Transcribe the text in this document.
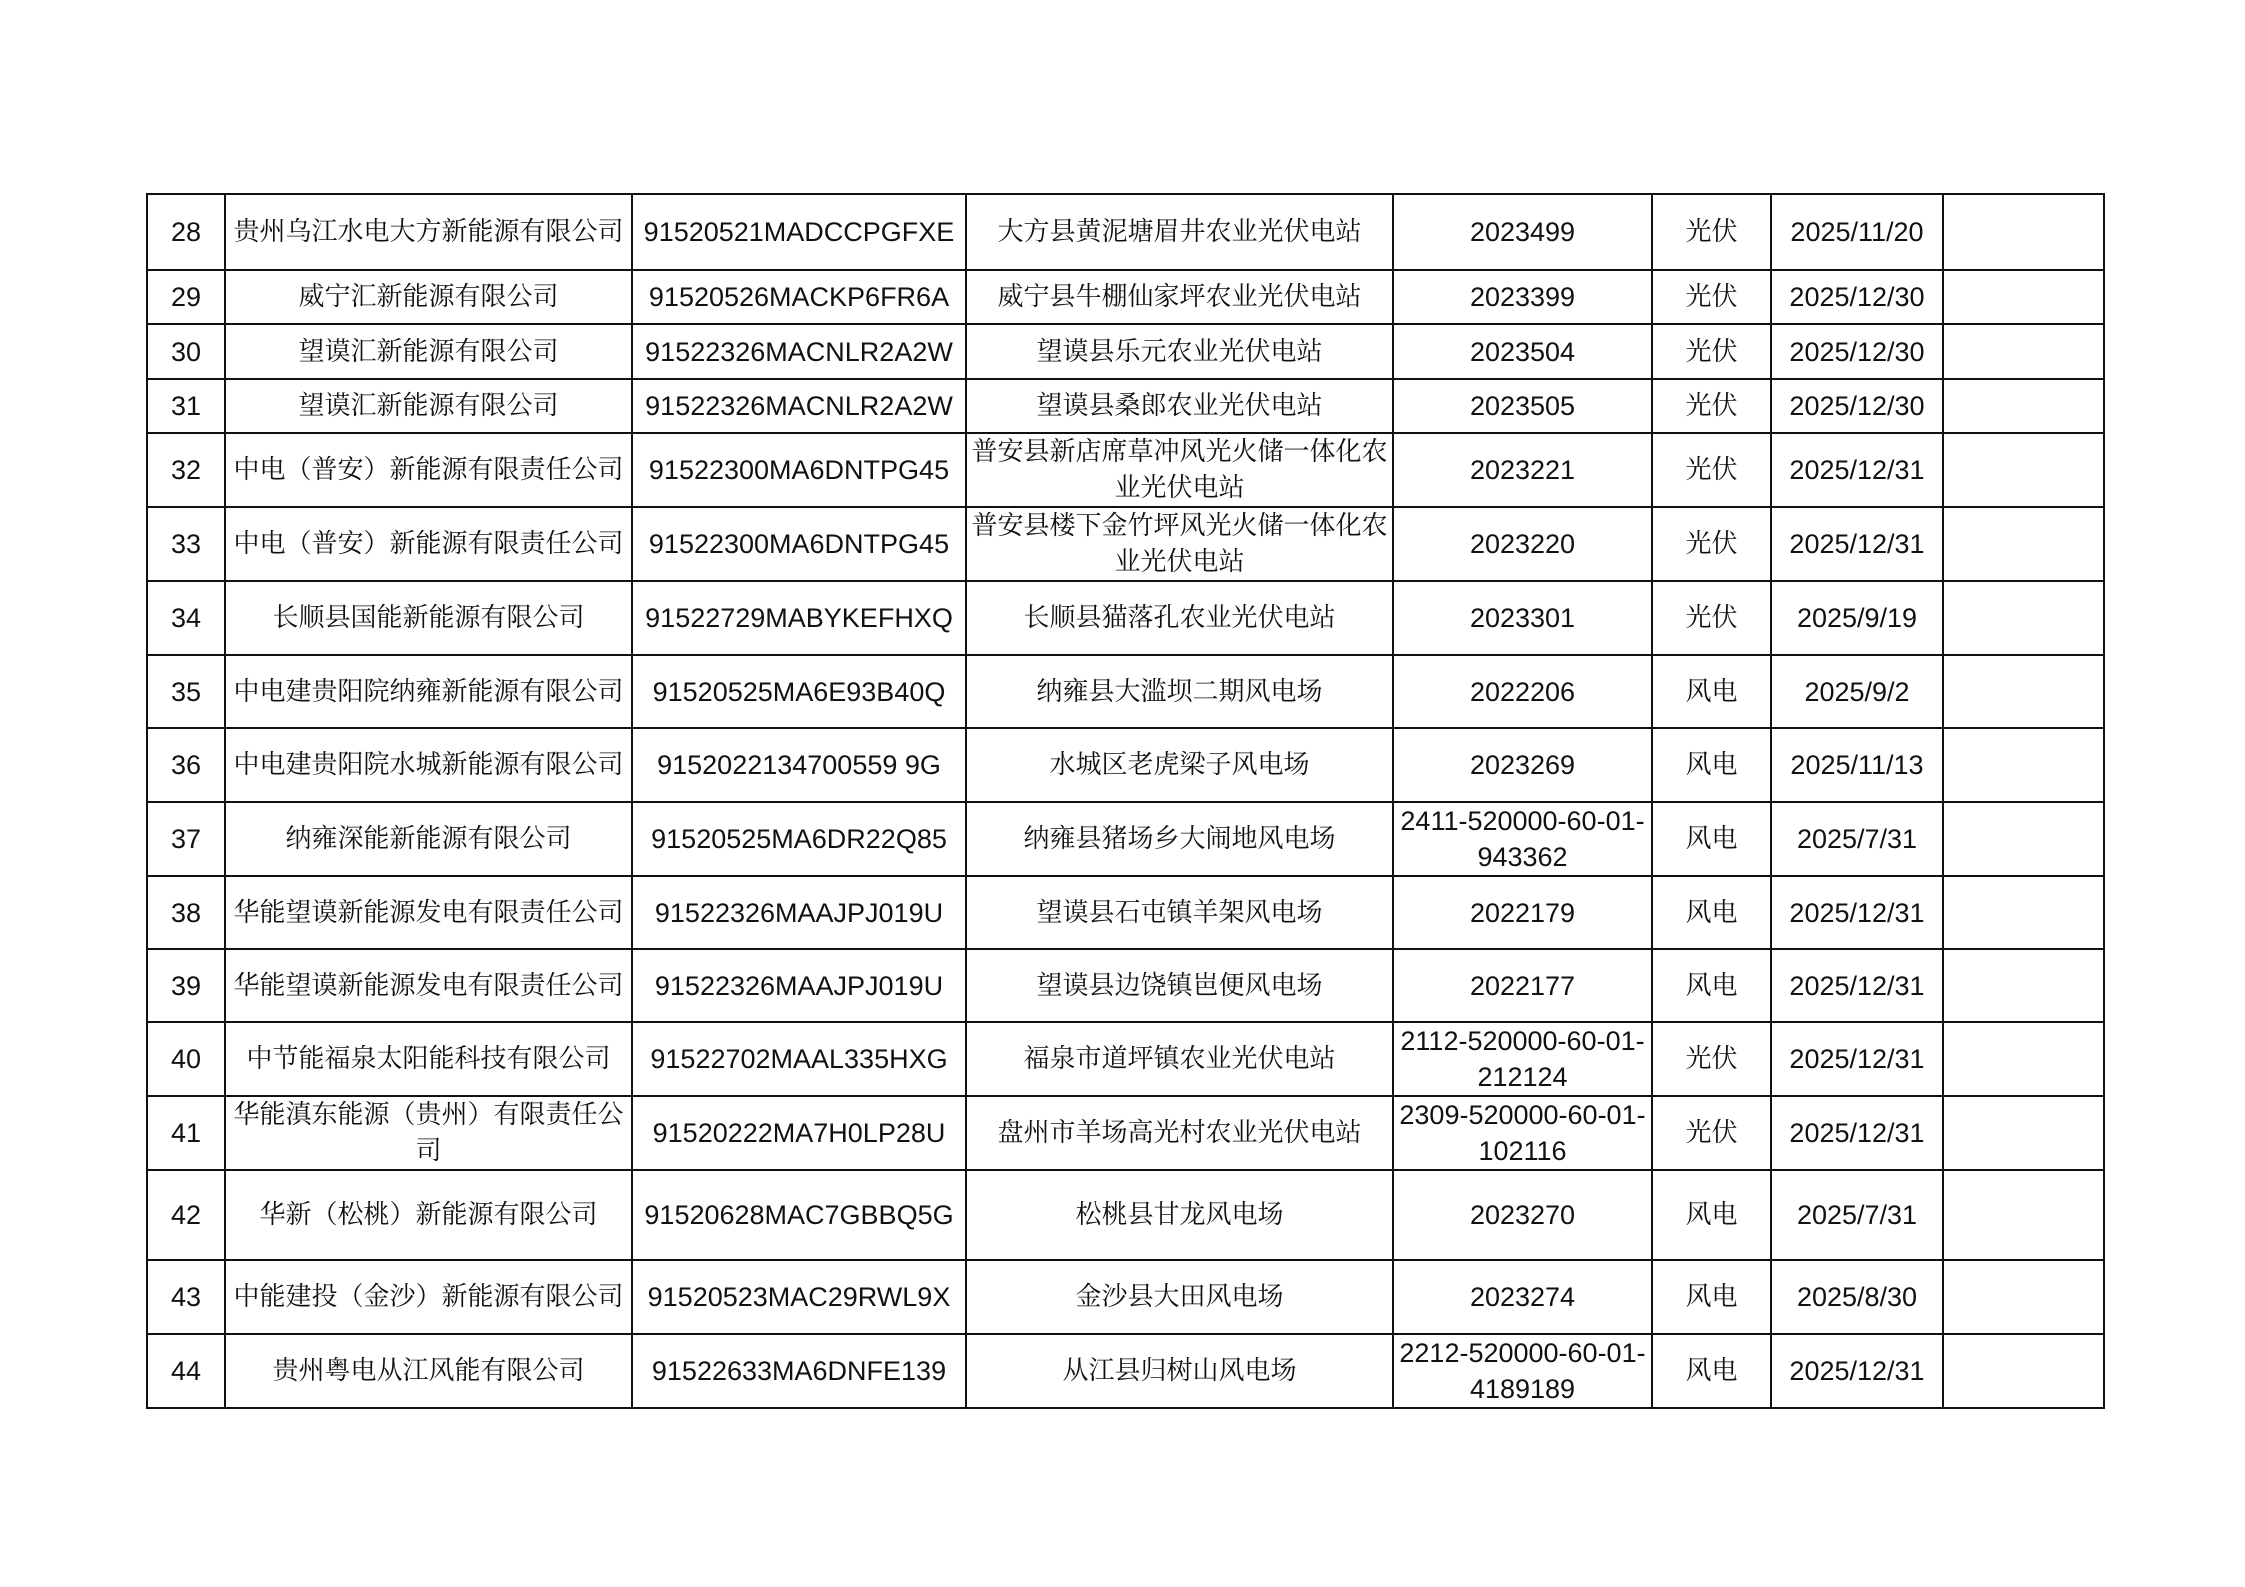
28	贵州乌江水电大方新能源有限公司	91520521MADCCPGFXE	大方县黄泥塘眉井农业光伏电站	2023499	光伏	2025/11/20	
29	威宁汇新能源有限公司	91520526MACKP6FR6A	威宁县牛棚仙家坪农业光伏电站	2023399	光伏	2025/12/30	
30	望谟汇新能源有限公司	91522326MACNLR2A2W	望谟县乐元农业光伏电站	2023504	光伏	2025/12/30	
31	望谟汇新能源有限公司	91522326MACNLR2A2W	望谟县桑郎农业光伏电站	2023505	光伏	2025/12/30	
32	中电（普安）新能源有限责任公司	91522300MA6DNTPG45	普安县新店席草冲风光火储一体化农业光伏电站	2023221	光伏	2025/12/31	
33	中电（普安）新能源有限责任公司	91522300MA6DNTPG45	普安县楼下金竹坪风光火储一体化农业光伏电站	2023220	光伏	2025/12/31	
34	长顺县国能新能源有限公司	91522729MABYKEFHXQ	长顺县猫落孔农业光伏电站	2023301	光伏	2025/9/19	
35	中电建贵阳院纳雍新能源有限公司	91520525MA6E93B40Q	纳雍县大滥坝二期风电场	2022206	风电	2025/9/2	
36	中电建贵阳院水城新能源有限公司	9152022134700559 9G	水城区老虎梁子风电场	2023269	风电	2025/11/13	
37	纳雍深能新能源有限公司	91520525MA6DR22Q85	纳雍县猪场乡大闹地风电场	2411-520000-60-01-943362	风电	2025/7/31	
38	华能望谟新能源发电有限责任公司	91522326MAAJPJ019U	望谟县石屯镇羊架风电场	2022179	风电	2025/12/31	
39	华能望谟新能源发电有限责任公司	91522326MAAJPJ019U	望谟县边饶镇岜便风电场	2022177	风电	2025/12/31	
40	中节能福泉太阳能科技有限公司	91522702MAAL335HXG	福泉市道坪镇农业光伏电站	2112-520000-60-01-212124	光伏	2025/12/31	
41	华能滇东能源（贵州）有限责任公司	91520222MA7H0LP28U	盘州市羊场高光村农业光伏电站	2309-520000-60-01-102116	光伏	2025/12/31	
42	华新（松桃）新能源有限公司	91520628MAC7GBBQ5G	松桃县甘龙风电场	2023270	风电	2025/7/31	
43	中能建投（金沙）新能源有限公司	91520523MAC29RWL9X	金沙县大田风电场	2023274	风电	2025/8/30	
44	贵州粤电从江风能有限公司	91522633MA6DNFE139	从江县归树山风电场	2212-520000-60-01-4189189	风电	2025/12/31	
